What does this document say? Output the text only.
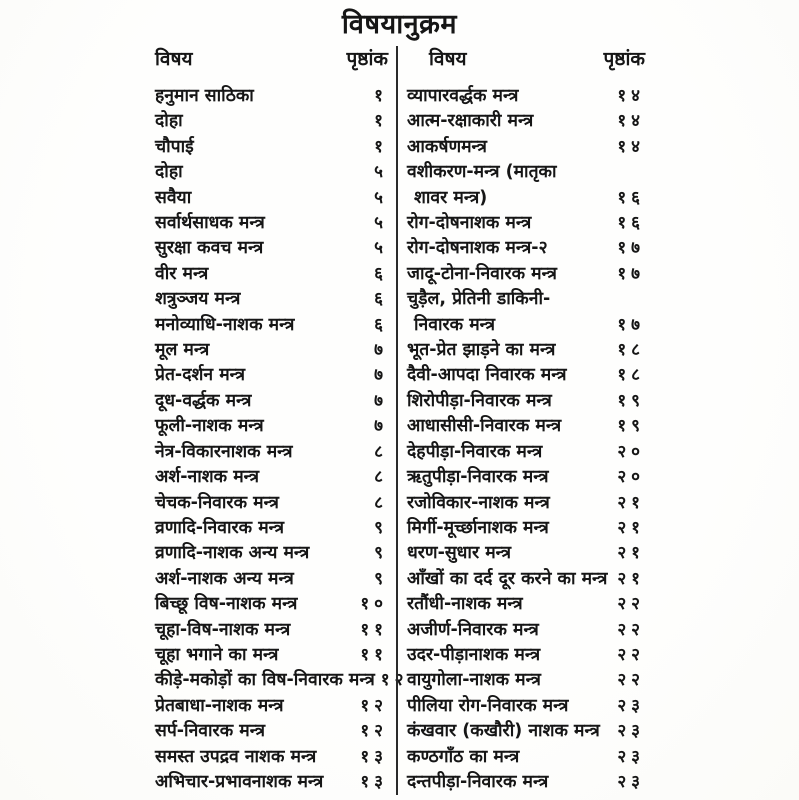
विषयानुक्रम
विषय	पृष्ठांक
हनुमान साठिका	१
दोहा	१
चौपाई	१
दोहा	५
सवैया	५
सर्वार्थसाधक मन्त्र	५
सुरक्षा कवच मन्त्र	५
वीर मन्त्र	६
शत्रुञ्जय मन्त्र	६
मनोव्याधि-नाशक मन्त्र	६
मूल मन्त्र	७
प्रेत-दर्शन मन्त्र	७
दूध-वर्द्धक मन्त्र	७
फूली-नाशक मन्त्र	७
नेत्र-विकारनाशक मन्त्र	८
अर्श-नाशक मन्त्र	८
चेचक-निवारक मन्त्र	८
व्रणादि-निवारक मन्त्र	९
व्रणादि-नाशक अन्य मन्त्र	९
अर्श-नाशक अन्य मन्त्र	९
बिच्छू विष-नाशक मन्त्र	१०
चूहा-विष-नाशक मन्त्र	११
चूहा भगाने का मन्त्र	११
कीड़े-मकोड़ों का विष-निवारक मन्त्र १२
प्रेतबाधा-नाशक मन्त्र	१२
सर्प-निवारक मन्त्र	१२
समस्त उपद्रव नाशक मन्त्र	१३
अभिचार-प्रभावनाशक मन्त्र १३
विषय	पृष्ठांक
व्यापारवर्द्धक मन्त्र	१४
आत्म-रक्षाकारी मन्त्र	१४
आकर्षणमन्त्र	१४
वशीकरण-मन्त्र (मातृका
शावर मन्त्र)	१६
रोग-दोषनाशक मन्त्र	१६
रोग-दोषनाशक मन्त्र-२	१७
जादू-टोना-निवारक मन्त्र	१७
चुड़ैल, प्रेतिनी डाकिनी-
निवारक मन्त्र	१७
भूत-प्रेत झाड़ने का मन्त्र	१८
दैवी-आपदा निवारक मन्त्र	१८
शिरोपीड़ा-निवारक मन्त्र	१९
आधासीसी-निवारक मन्त्र	१९
देहपीड़ा-निवारक मन्त्र	२०
ऋतुपीड़ा-निवारक मन्त्र	२०
रजोविकार-नाशक मन्त्र	२१
मिर्गी-मूर्च्छानाशक मन्त्र	२१
धरण-सुधार मन्त्र	२१
आँखों का दर्द दूर करने का मन्त्र २१
रतौंधी-नाशक मन्त्र	२२
अजीर्ण-निवारक मन्त्र	२२
उदर-पीड़ानाशक मन्त्र	२२
वायुगोला-नाशक मन्त्र	२२
पीलिया रोग-निवारक मन्त्र	२३
कंखवार (कखौरी) नाशक मन्त्र २३
कण्ठगाँठ का मन्त्र	२३
दन्तपीड़ा-निवारक मन्त्र	२३
